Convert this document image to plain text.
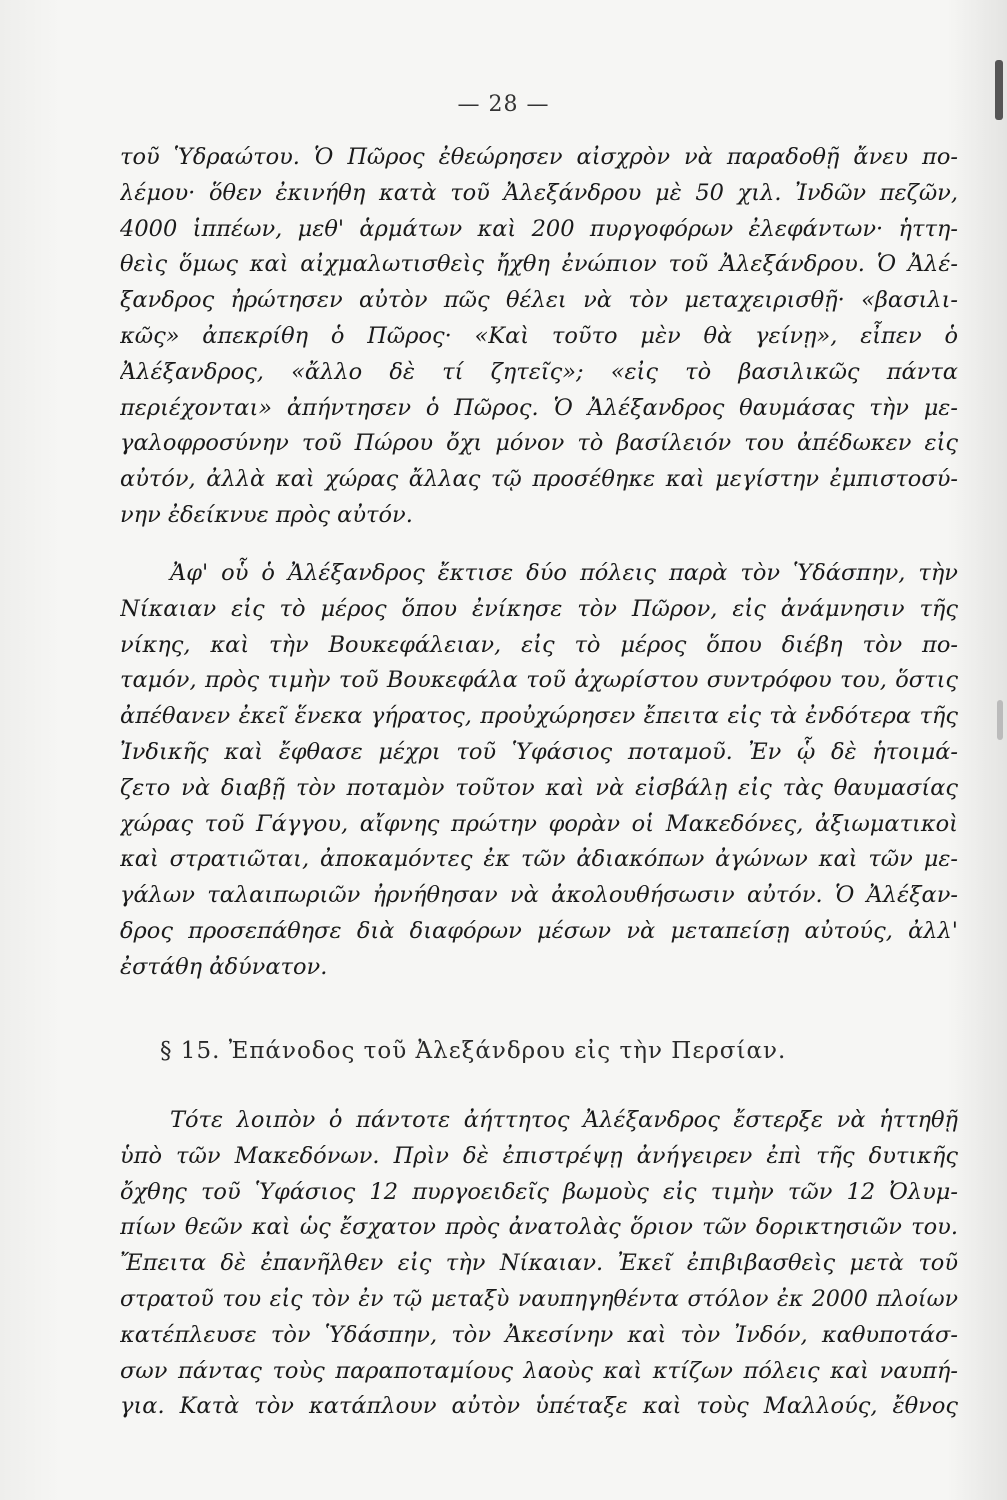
— 28 —
τοῦ Ὑδραώτου. Ὁ Πῶρος ἐθεώρησεν αἰσχρὸν νὰ παραδοθῇ ἄνευ πο-
λέμου· ὅθεν ἐκινήθη κατὰ τοῦ Ἀλεξάνδρου μὲ 50 χιλ. Ἰνδῶν πεζῶν,
4000 ἱππέων, μεθ' ἁρμάτων καὶ 200 πυργοφόρων ἐλεφάντων· ἡττη-
θεὶς ὅμως καὶ αἰχμαλωτισθεὶς ἤχθη ἐνώπιον τοῦ Ἀλεξάνδρου. Ὁ Ἀλέ-
ξανδρος ἠρώτησεν αὐτὸν πῶς θέλει νὰ τὸν μεταχειρισθῇ· «βασιλι-
κῶς» ἀπεκρίθη ὁ Πῶρος· «Καὶ τοῦτο μὲν θὰ γείνῃ», εἶπεν ὁ
Ἀλέξανδρος, «ἄλλο δὲ τί ζητεῖς»; «εἰς τὸ βασιλικῶς πάντα
περιέχονται» ἀπήντησεν ὁ Πῶρος. Ὁ Ἀλέξανδρος θαυμάσας τὴν με-
γαλοφροσύνην τοῦ Πώρου ὄχι μόνον τὸ βασίλειόν του ἀπέδωκεν εἰς
αὐτόν, ἀλλὰ καὶ χώρας ἄλλας τῷ προσέθηκε καὶ μεγίστην ἐμπιστοσύ-
νην ἐδείκνυε πρὸς αὐτόν.
Ἀφ' οὗ ὁ Ἀλέξανδρος ἔκτισε δύο πόλεις παρὰ τὸν Ὑδάσπην, τὴν
Νίκαιαν εἰς τὸ μέρος ὅπου ἐνίκησε τὸν Πῶρον, εἰς ἀνάμνησιν τῆς
νίκης, καὶ τὴν Βουκεφάλειαν, εἰς τὸ μέρος ὅπου διέβη τὸν πο-
ταμόν, πρὸς τιμὴν τοῦ Βουκεφάλα τοῦ ἀχωρίστου συντρόφου του, ὅστις
ἀπέθανεν ἐκεῖ ἕνεκα γήρατος, προὐχώρησεν ἔπειτα εἰς τὰ ἐνδότερα τῆς
Ἰνδικῆς καὶ ἔφθασε μέχρι τοῦ Ὑφάσιος ποταμοῦ. Ἐν ᾧ δὲ ἡτοιμά-
ζετο νὰ διαβῇ τὸν ποταμὸν τοῦτον καὶ νὰ εἰσβάλῃ εἰς τὰς θαυμασίας
χώρας τοῦ Γάγγου, αἴφνης πρώτην φορὰν οἱ Μακεδόνες, ἀξιωματικοὶ
καὶ στρατιῶται, ἀποκαμόντες ἐκ τῶν ἀδιακόπων ἀγώνων καὶ τῶν με-
γάλων ταλαιπωριῶν ἠρνήθησαν νὰ ἀκολουθήσωσιν αὐτόν. Ὁ Ἀλέξαν-
δρος προσεπάθησε διὰ διαφόρων μέσων νὰ μεταπείσῃ αὐτούς, ἀλλ'
ἐστάθη ἀδύνατον.
§ 15. Ἐπάνοδος τοῦ Ἀλεξάνδρου εἰς τὴν Περσίαν.
Τότε λοιπὸν ὁ πάντοτε ἀήττητος Ἀλέξανδρος ἔστερξε νὰ ἡττηθῇ
ὑπὸ τῶν Μακεδόνων. Πρὶν δὲ ἐπιστρέψῃ ἀνήγειρεν ἐπὶ τῆς δυτικῆς
ὄχθης τοῦ Ὑφάσιος 12 πυργοειδεῖς βωμοὺς εἰς τιμὴν τῶν 12 Ὀλυμ-
πίων θεῶν καὶ ὡς ἔσχατον πρὸς ἀνατολὰς ὅριον τῶν δορικτησιῶν του.
Ἔπειτα δὲ ἐπανῆλθεν εἰς τὴν Νίκαιαν. Ἐκεῖ ἐπιβιβασθεὶς μετὰ τοῦ
στρατοῦ του εἰς τὸν ἐν τῷ μεταξὺ ναυπηγηθέντα στόλον ἐκ 2000 πλοίων
κατέπλευσε τὸν Ὑδάσπην, τὸν Ἀκεσίνην καὶ τὸν Ἰνδόν, καθυποτάσ-
σων πάντας τοὺς παραποταμίους λαοὺς καὶ κτίζων πόλεις καὶ ναυπή-
για. Κατὰ τὸν κατάπλουν αὐτὸν ὑπέταξε καὶ τοὺς Μαλλούς, ἔθνος
